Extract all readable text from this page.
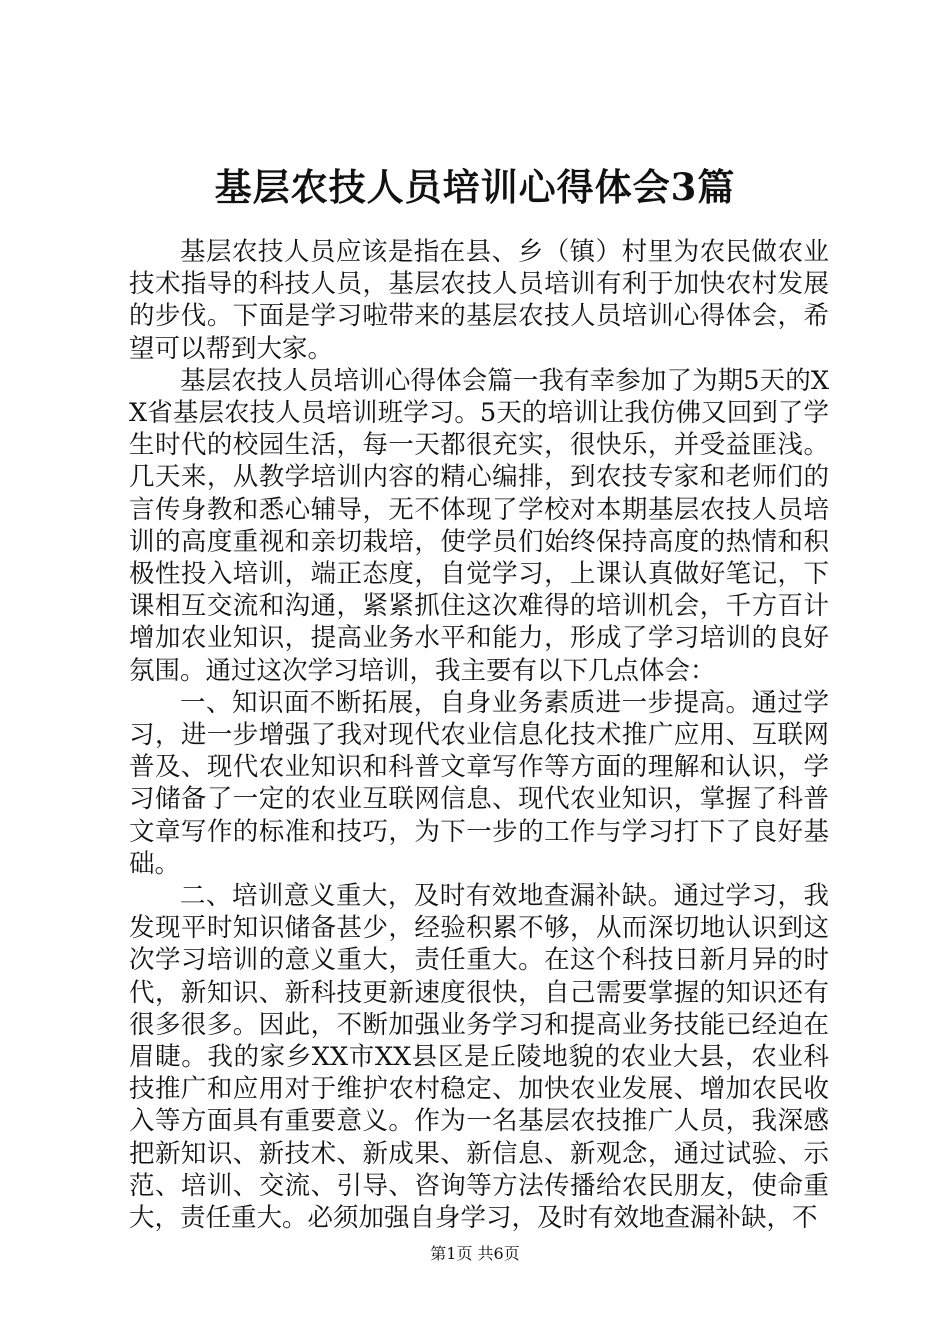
基层农技人员培训心得体会3篇

基层农技人员应该是指在县、乡（镇）村里为农民做农业技术指导的科技人员，基层农技人员培训有利于加快农村发展的步伐。下面是学习啦带来的基层农技人员培训心得体会，希望可以帮到大家。

基层农技人员培训心得体会篇一我有幸参加了为期5天的XX省基层农技人员培训班学习。5天的培训让我仿佛又回到了学生时代的校园生活，每一天都很充实，很快乐，并受益匪浅。几天来，从教学培训内容的精心编排，到农技专家和老师们的言传身教和悉心辅导，无不体现了学校对本期基层农技人员培训的高度重视和亲切栽培，使学员们始终保持高度的热情和积极性投入培训，端正态度，自觉学习，上课认真做好笔记，下课相互交流和沟通，紧紧抓住这次难得的培训机会，千方百计增加农业知识，提高业务水平和能力，形成了学习培训的良好氛围。通过这次学习培训，我主要有以下几点体会：

一、知识面不断拓展，自身业务素质进一步提高。通过学习，进一步增强了我对现代农业信息化技术推广应用、互联网普及、现代农业知识和科普文章写作等方面的理解和认识，学习储备了一定的农业互联网信息、现代农业知识，掌握了科普文章写作的标准和技巧，为下一步的工作与学习打下了良好基础。

二、培训意义重大，及时有效地查漏补缺。通过学习，我发现平时知识储备甚少，经验积累不够，从而深切地认识到这次学习培训的意义重大，责任重大。在这个科技日新月异的时代，新知识、新科技更新速度很快，自己需要掌握的知识还有很多很多。因此，不断加强业务学习和提高业务技能已经迫在眉睫。我的家乡XX市XX县区是丘陵地貌的农业大县，农业科技推广和应用对于维护农村稳定、加快农业发展、增加农民收入等方面具有重要意义。作为一名基层农技推广人员，我深感把新知识、新技术、新成果、新信息、新观念，通过试验、示范、培训、交流、引导、咨询等方法传播给农民朋友，使命重大，责任重大。必须加强自身学习，及时有效地查漏补缺，不

第1页 共6页
